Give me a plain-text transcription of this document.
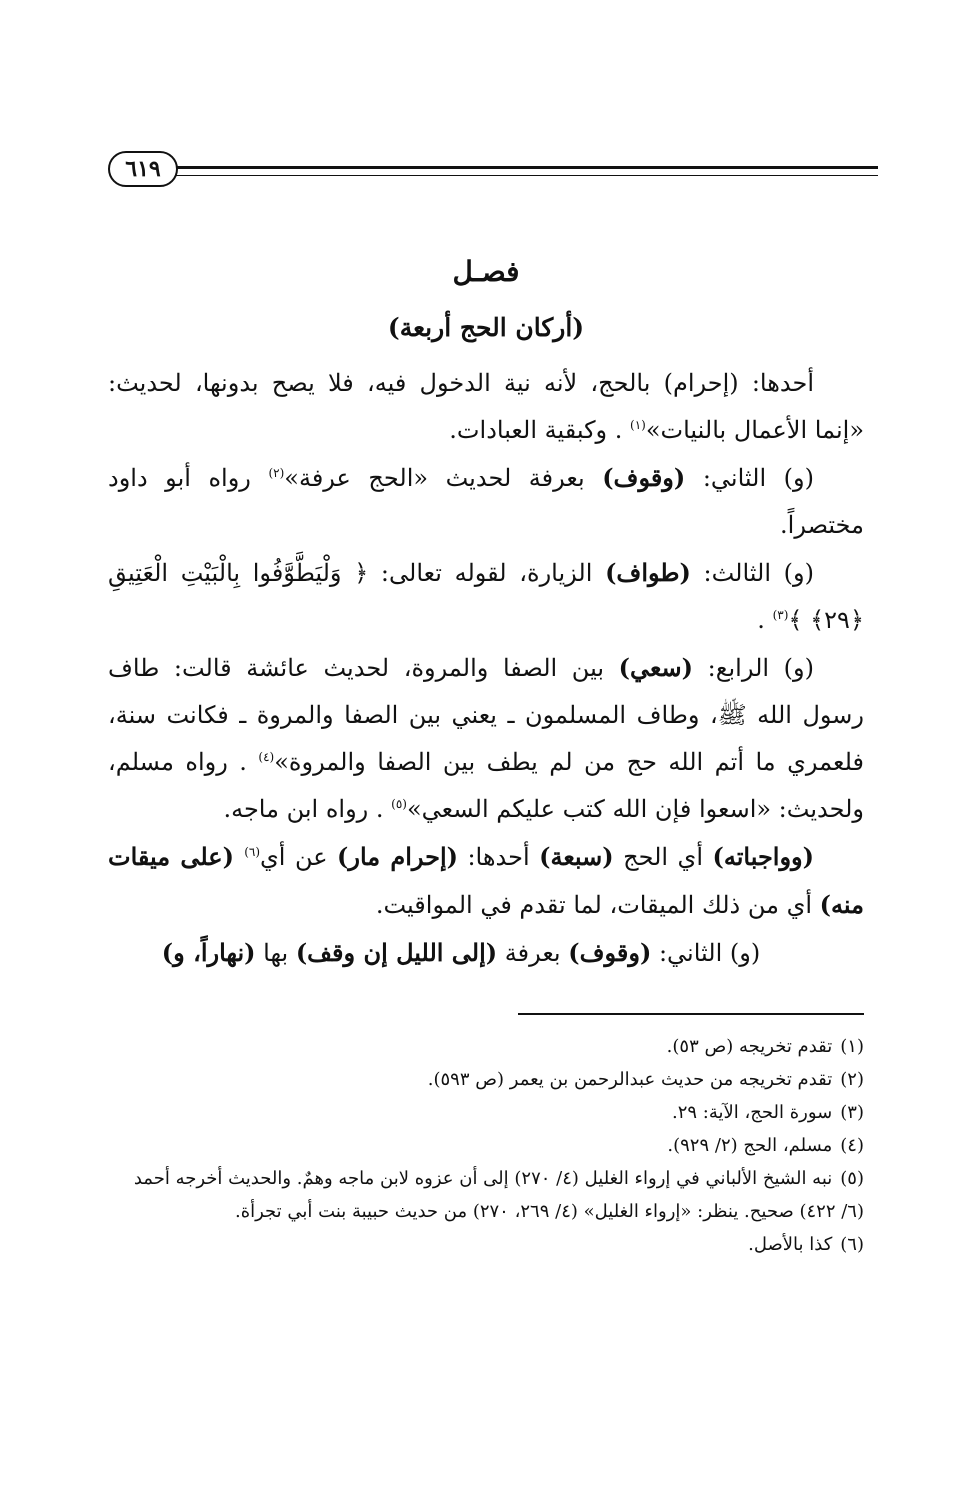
٦١٩
فصـل
(أركان الحج أربعة)

أحدها: (إحرام) بالحج، لأنه نية الدخول فيه، فلا يصح بدونها، لحديث: «إنما الأعمال بالنيات»$^{(١)}$ . وكبقية العبادات.

(و) الثاني: (وقوف) بعرفة لحديث «الحج عرفة»$^{(٢)}$ رواه أبو داود مختصراً.

(و) الثالث: (طواف) الزيارة، لقوله تعالى: ﴿ وَلْيَطَّوَّفُوا بِالْبَيْتِ الْعَتِيقِ ﴿٢٩﴾ ﴾$^{(٣)}$ .

(و) الرابع: (سعي) بين الصفا والمروة، لحديث عائشة قالت: طاف رسول الله ﷺ، وطاف المسلمون ـ يعني بين الصفا والمروة ـ فكانت سنة، فلعمري ما أتم الله حج من لم يطف بين الصفا والمروة»$^{(٤)}$ . رواه مسلم، ولحديث: «اسعوا فإن الله كتب عليكم السعي»$^{(٥)}$ . رواه ابن ماجه.

(وواجباته) أي الحج (سبعة) أحدها: (إحرام مار) عن أي$^{(٦)}$ (على ميقات منه) أي من ذلك الميقات، لما تقدم في المواقيت.

(و) الثاني: (وقوف) بعرفة (إلى الليل إن وقف) بها (نهاراً، و)

(١)تقدم تخريجه (ص ٥٣).
(٢)تقدم تخريجه من حديث عبدالرحمن بن يعمر (ص ٥٩٣).
(٣)سورة الحج، الآية: ٢٩.
(٤)مسلم، الحج (٢/ ٩٢٩).
(٥)نبه الشيخ الألباني في إرواء الغليل (٤/ ٢٧٠) إلى أن عزوه لابن ماجه وهمٌ. والحديث أخرجه أحمد (٦/ ٤٢٢) صحيح. ينظر: «إرواء الغليل» (٤/ ٢٦٩، ٢٧٠) من حديث حبيبة بنت أبي تجرأة.
(٦)كذا بالأصل.
